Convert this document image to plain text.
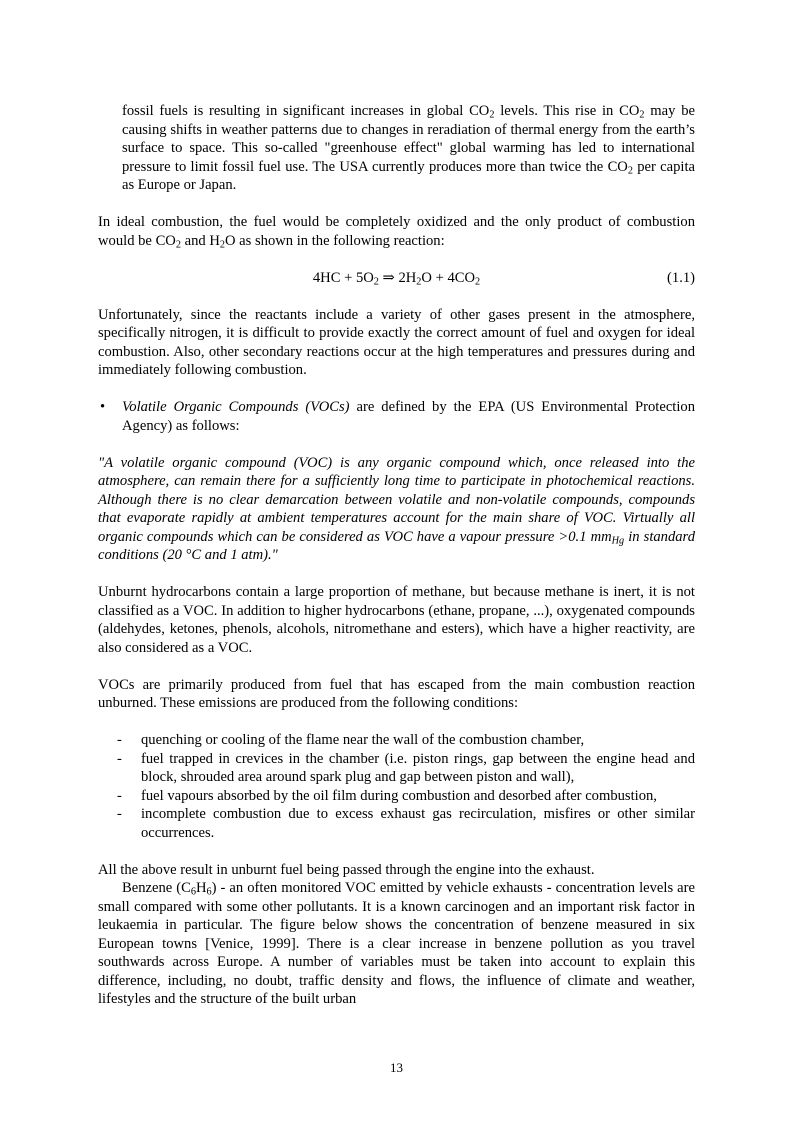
fossil fuels is resulting in significant increases in global $CO_2$ levels. This rise in $CO_2$ may be causing shifts in weather patterns due to changes in reradiation of thermal energy from the earth’s surface to space. This so-called "greenhouse effect" global warming has led to international pressure to limit fossil fuel use. The USA currently produces more than twice the $CO_2$ per capita as Europe or Japan.

In ideal combustion, the fuel would be completely oxidized and the only product of combustion would be $CO_2$ and $H_2O$ as shown in the following reaction:

$4HC + 5O_2$ ⇒ $2H_2O + 4CO_2$	(1.1)

Unfortunately, since the reactants include a variety of other gases present in the atmosphere, specifically nitrogen, it is difficult to provide exactly the correct amount of fuel and oxygen for ideal combustion. Also, other secondary reactions occur at the high temperatures and pressures during and immediately following combustion.

• Volatile Organic Compounds (VOCs) are defined by the EPA (US Environmental Protection Agency) as follows:

"A volatile organic compound (VOC) is any organic compound which, once released into the atmosphere, can remain there for a sufficiently long time to participate in photochemical reactions. Although there is no clear demarcation between volatile and non-volatile compounds, compounds that evaporate rapidly at ambient temperatures account for the main share of VOC. Virtually all organic compounds which can be considered as VOC have a vapour pressure >0.1 $mm_{Hg}$ in standard conditions (20 °C and 1 atm)."

Unburnt hydrocarbons contain a large proportion of methane, but because methane is inert, it is not classified as a VOC. In addition to higher hydrocarbons (ethane, propane, ...), oxygenated compounds (aldehydes, ketones, phenols, alcohols, nitromethane and esters), which have a higher reactivity, are also considered as a VOC.

VOCs are primarily produced from fuel that has escaped from the main combustion reaction unburned. These emissions are produced from the following conditions:

- quenching or cooling of the flame near the wall of the combustion chamber,
- fuel trapped in crevices in the chamber (i.e. piston rings, gap between the engine head and block, shrouded area around spark plug and gap between piston and wall),
- fuel vapours absorbed by the oil film during combustion and desorbed after combustion,
- incomplete combustion due to excess exhaust gas recirculation, misfires or other similar occurrences.

All the above result in unburnt fuel being passed through the engine into the exhaust.

Benzene $(C_6H_6)$ - an often monitored VOC emitted by vehicle exhausts - concentration levels are small compared with some other pollutants. It is a known carcinogen and an important risk factor in leukaemia in particular. The figure below shows the concentration of benzene measured in six European towns [Venice, 1999]. There is a clear increase in benzene pollution as you travel southwards across Europe. A number of variables must be taken into account to explain this difference, including, no doubt, traffic density and flows, the influence of climate and weather, lifestyles and the structure of the built urban

13
